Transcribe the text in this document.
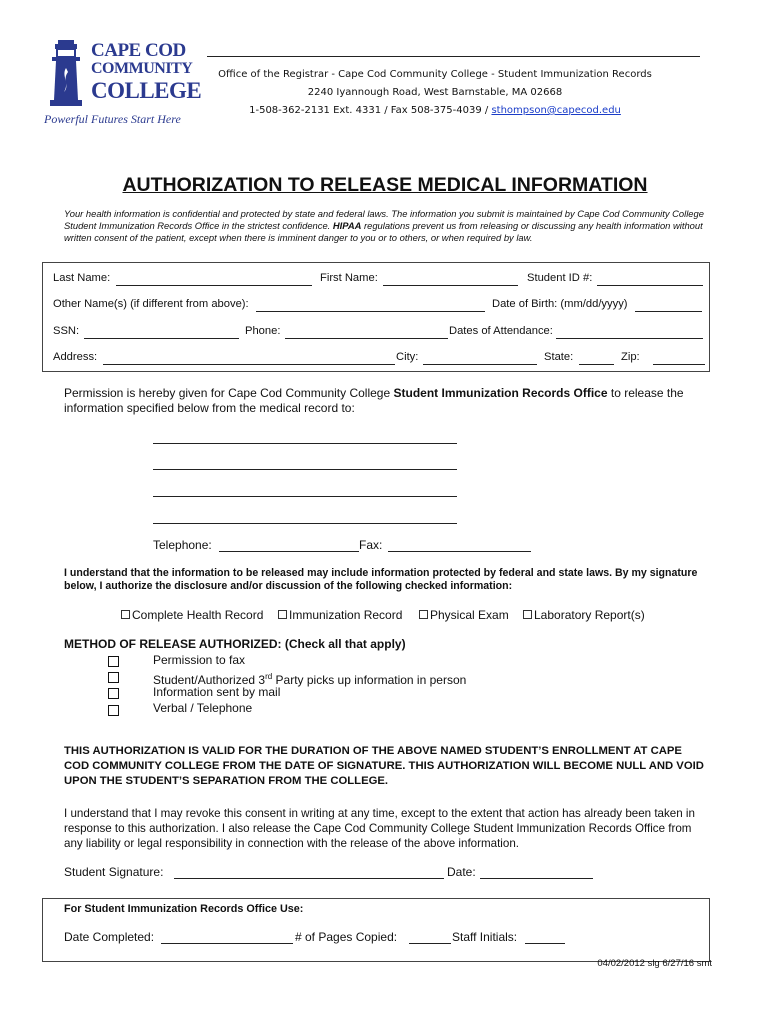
CAPE COD
COMMUNITY
COLLEGE
Powerful Futures Start Here
Office of the Registrar - Cape Cod Community College - Student Immunization Records
2240 Iyannough Road, West Barnstable, MA 02668
1-508-362-2131 Ext. 4331 / Fax 508-375-4039 / sthompson@capecod.edu
AUTHORIZATION TO RELEASE MEDICAL INFORMATION
Your health information is confidential and protected by state and federal laws. The information you submit is maintained by Cape Cod Community College Student Immunization Records Office in the strictest confidence. HIPAA regulations prevent us from releasing or discussing any health information without written consent of the patient, except when there is imminent danger to you or to others, or when required by law.
Last Name:	First Name:	Student ID #:
Other Name(s) (if different from above):	Date of Birth: (mm/dd/yyyy)
SSN:	Phone:	Dates of Attendance:
Address:	City:	State:	Zip:
Permission is hereby given for Cape Cod Community College Student Immunization Records Office to release the information specified below from the medical record to:
Telephone:	Fax:
I understand that the information to be released may include information protected by federal and state laws. By my signature below, I authorize the disclosure and/or discussion of the following checked information:
Complete Health Record	Immunization Record	Physical Exam	Laboratory Report(s)
METHOD OF RELEASE AUTHORIZED: (Check all that apply)
Permission to fax
Student/Authorized 3rd Party picks up information in person
Information sent by mail
Verbal / Telephone
THIS AUTHORIZATION IS VALID FOR THE DURATION OF THE ABOVE NAMED STUDENT’S ENROLLMENT AT CAPE COD COMMUNITY COLLEGE FROM THE DATE OF SIGNATURE. THIS AUTHORIZATION WILL BECOME NULL AND VOID UPON THE STUDENT’S SEPARATION FROM THE COLLEGE.
I understand that I may revoke this consent in writing at any time, except to the extent that action has already been taken in response to this authorization. I also release the Cape Cod Community College Student Immunization Records Office from any liability or legal responsibility in connection with the release of the above information.
Student Signature:	Date:
For Student Immunization Records Office Use:
Date Completed:	# of Pages Copied:	Staff Initials:
04/02/2012 slg 6/27/16 smt
